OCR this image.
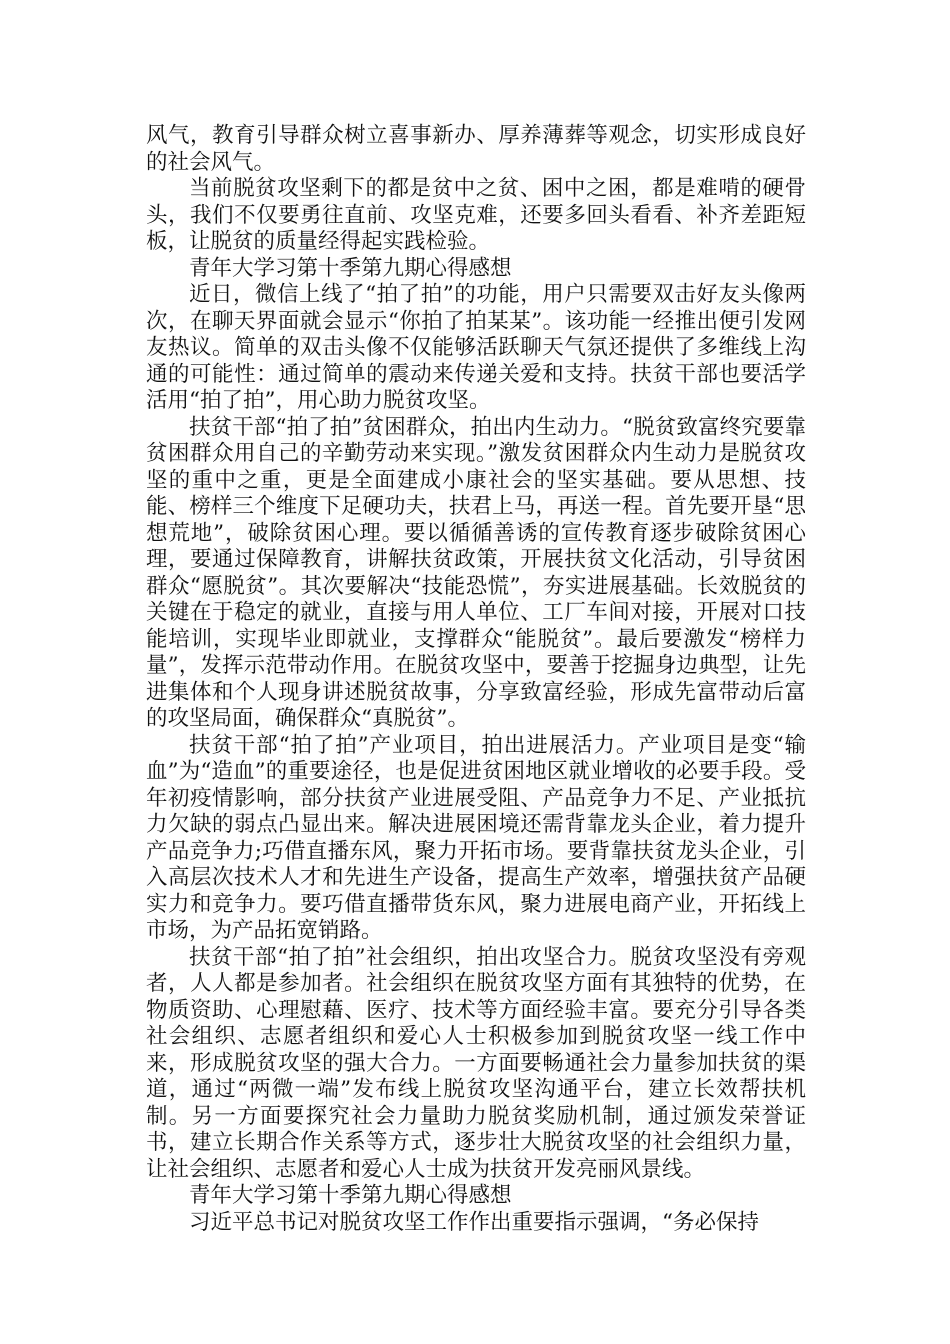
风气，教育引导群众树立喜事新办、厚养薄葬等观念，切实形成良好的社会风气。

当前脱贫攻坚剩下的都是贫中之贫、困中之困，都是难啃的硬骨头，我们不仅要勇往直前、攻坚克难，还要多回头看看、补齐差距短板，让脱贫的质量经得起实践检验。

青年大学习第十季第九期心得感想

近日，微信上线了“拍了拍”的功能，用户只需要双击好友头像两次，在聊天界面就会显示“你拍了拍某某”。该功能一经推出便引发网友热议。简单的双击头像不仅能够活跃聊天气氛还提供了多维线上沟通的可能性：通过简单的震动来传递关爱和支持。扶贫干部也要活学活用“拍了拍”，用心助力脱贫攻坚。

扶贫干部“拍了拍”贫困群众，拍出内生动力。“脱贫致富终究要靠贫困群众用自己的辛勤劳动来实现。”激发贫困群众内生动力是脱贫攻坚的重中之重，更是全面建成小康社会的坚实基础。要从思想、技能、榜样三个维度下足硬功夫，扶君上马，再送一程。首先要开垦“思想荒地”，破除贫困心理。要以循循善诱的宣传教育逐步破除贫困心理，要通过保障教育，讲解扶贫政策，开展扶贫文化活动，引导贫困群众“愿脱贫”。其次要解决“技能恐慌”，夯实进展基础。长效脱贫的关键在于稳定的就业，直接与用人单位、工厂车间对接，开展对口技能培训，实现毕业即就业，支撑群众“能脱贫”。最后要激发“榜样力量”，发挥示范带动作用。在脱贫攻坚中，要善于挖掘身边典型，让先进集体和个人现身讲述脱贫故事，分享致富经验，形成先富带动后富的攻坚局面，确保群众“真脱贫”。

扶贫干部“拍了拍”产业项目，拍出进展活力。产业项目是变“输血”为“造血”的重要途径，也是促进贫困地区就业增收的必要手段。受年初疫情影响，部分扶贫产业进展受阻、产品竞争力不足、产业抵抗力欠缺的弱点凸显出来。解决进展困境还需背靠龙头企业，着力提升产品竞争力;巧借直播东风，聚力开拓市场。要背靠扶贫龙头企业，引入高层次技术人才和先进生产设备，提高生产效率，增强扶贫产品硬实力和竞争力。要巧借直播带货东风，聚力进展电商产业，开拓线上市场，为产品拓宽销路。

扶贫干部“拍了拍”社会组织，拍出攻坚合力。脱贫攻坚没有旁观者，人人都是参加者。社会组织在脱贫攻坚方面有其独特的优势，在物质资助、心理慰藉、医疗、技术等方面经验丰富。要充分引导各类社会组织、志愿者组织和爱心人士积极参加到脱贫攻坚一线工作中来，形成脱贫攻坚的强大合力。一方面要畅通社会力量参加扶贫的渠道，通过“两微一端”发布线上脱贫攻坚沟通平台，建立长效帮扶机制。另一方面要探究社会力量助力脱贫奖励机制，通过颁发荣誉证书，建立长期合作关系等方式，逐步壮大脱贫攻坚的社会组织力量，让社会组织、志愿者和爱心人士成为扶贫开发亮丽风景线。

青年大学习第十季第九期心得感想

习近平总书记对脱贫攻坚工作作出重要指示强调，“务必保持
